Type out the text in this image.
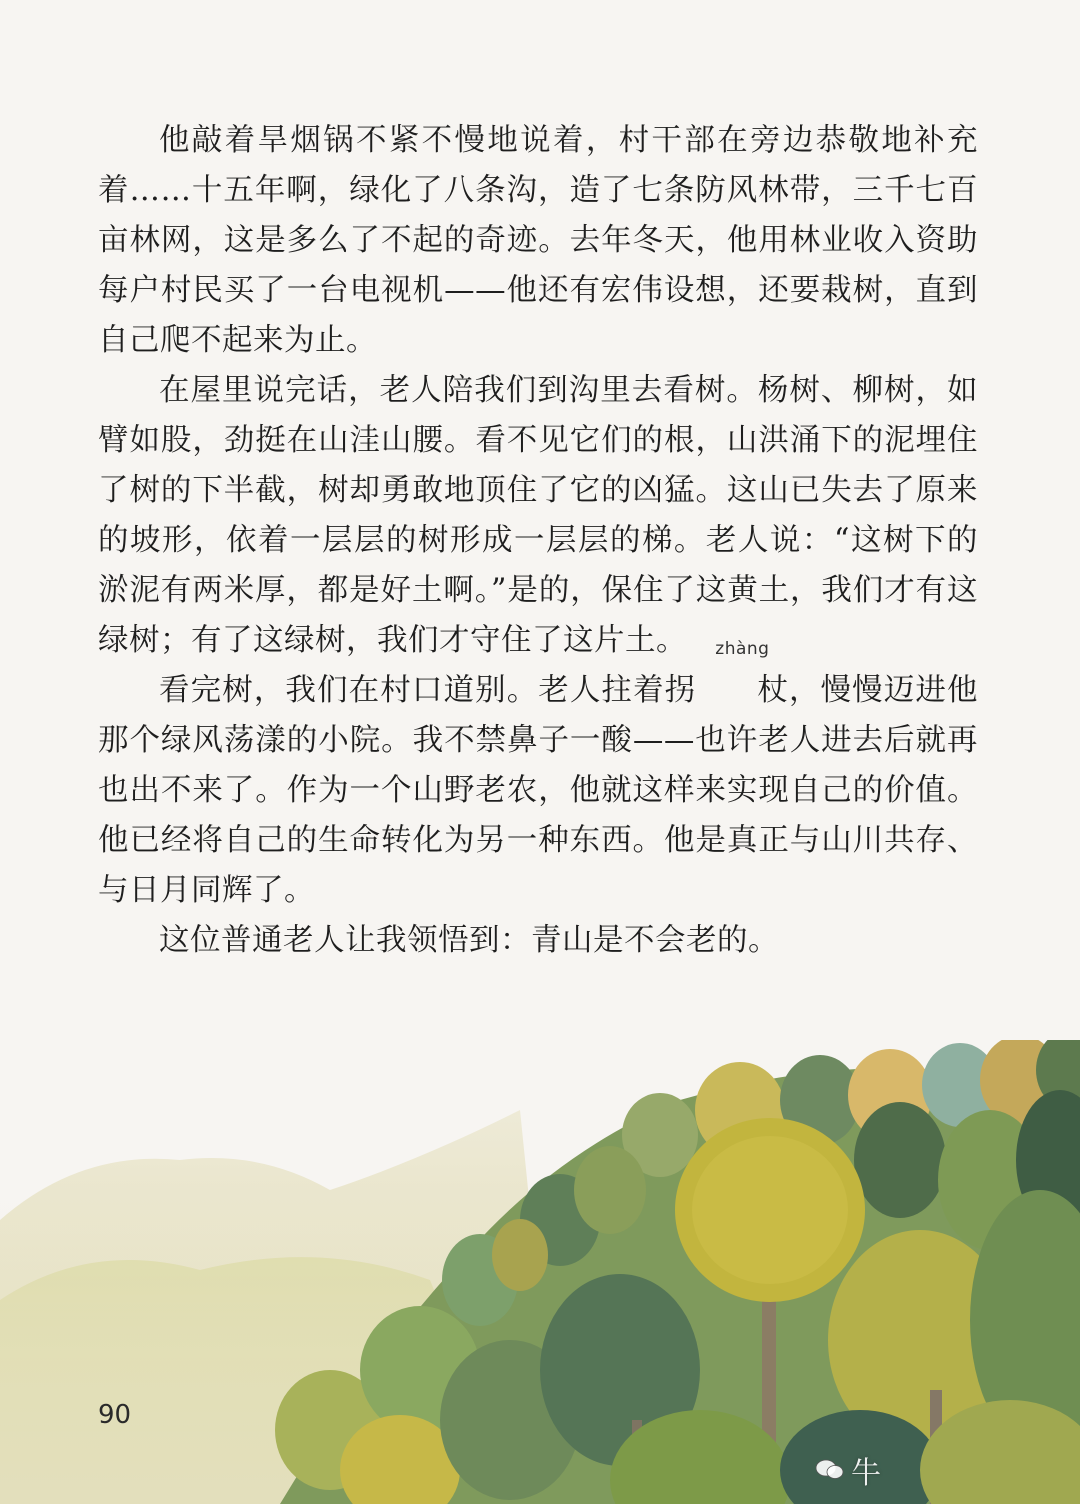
他敲着旱烟锅不紧不慢地说着，村干部在旁边恭敬地补充着……十五年啊，绿化了八条沟，造了七条防风林带，三千七百亩林网，这是多么了不起的奇迹。去年冬天，他用林业收入资助每户村民买了一台电视机——他还有宏伟设想，还要栽树，直到自己爬不起来为止。

在屋里说完话，老人陪我们到沟里去看树。杨树、柳树，如臂如股，劲挺在山洼山腰。看不见它们的根，山洪涌下的泥埋住了树的下半截，树却勇敢地顶住了它的凶猛。这山已失去了原来的坡形，依着一层层的树形成一层层的梯。老人说：“这树下的淤泥有两米厚，都是好土啊。”是的，保住了这黄土，我们才有这绿树；有了这绿树，我们才守住了这片土。

看完树，我们在村口道别。老人拄着拐
zhàng
杖，慢慢迈进他那个绿风荡漾的小院。我不禁鼻子一酸——也许老人进去后就再也出不来了。作为一个山野老农，他就这样来实现自己的价值。他已经将自己的生命转化为另一种东西。他是真正与山川共存、与日月同辉了。

这位普通老人让我领悟到：青山是不会老的。

90
牛
